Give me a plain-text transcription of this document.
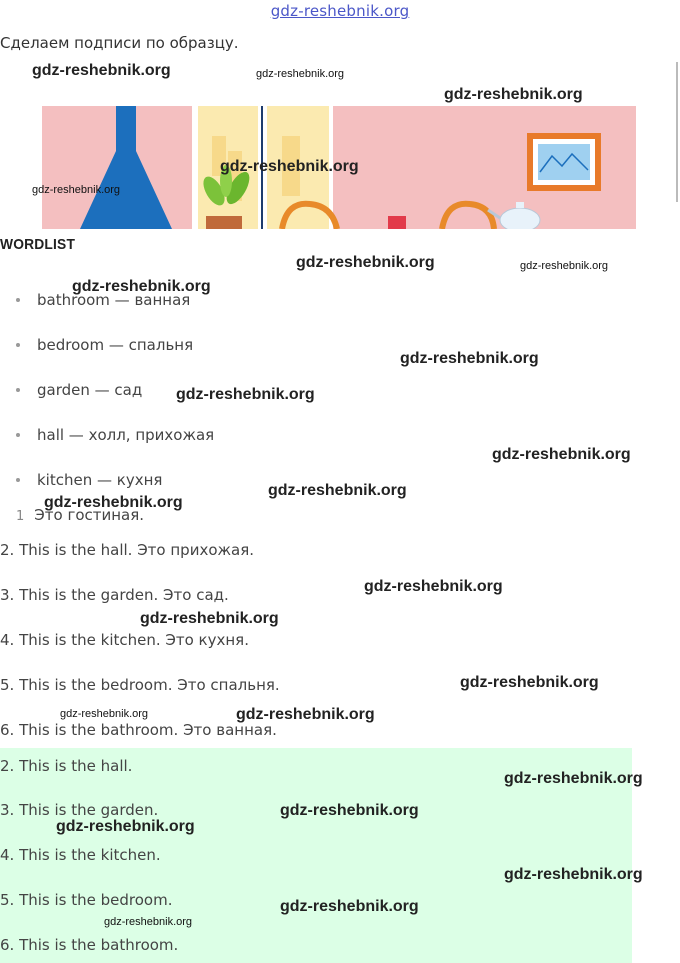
gdz-reshebnik.org
Сделаем подписи по образцу.
WORDLIST
bathroom — ванная
bedroom — спальня
garden — сад
hall — холл, прихожая
kitchen — кухня
1 Это гостиная.
2. This is the hall. Это прихожая.
3. This is the garden. Это сад.
4. This is the kitchen. Это кухня.
5. This is the bedroom. Это спальня.
6. This is the bathroom. Это ванная.
2. This is the hall.
3. This is the garden.
4. This is the kitchen.
5. This is the bedroom.
6. This is the bathroom.
gdz-reshebnik.org	gdz-reshebnik.org
gdz-reshebnik.org
gdz-reshebnik.org
gdz-reshebnik.org
gdz-reshebnik.org	gdz-reshebnik.org
gdz-reshebnik.org
gdz-reshebnik.org
gdz-reshebnik.org
gdz-reshebnik.org
gdz-reshebnik.org
gdz-reshebnik.org
gdz-reshebnik.org
gdz-reshebnik.org
gdz-reshebnik.org
gdz-reshebnik.org	gdz-reshebnik.org
gdz-reshebnik.org
gdz-reshebnik.org
gdz-reshebnik.org
gdz-reshebnik.org
gdz-reshebnik.org
gdz-reshebnik.org
